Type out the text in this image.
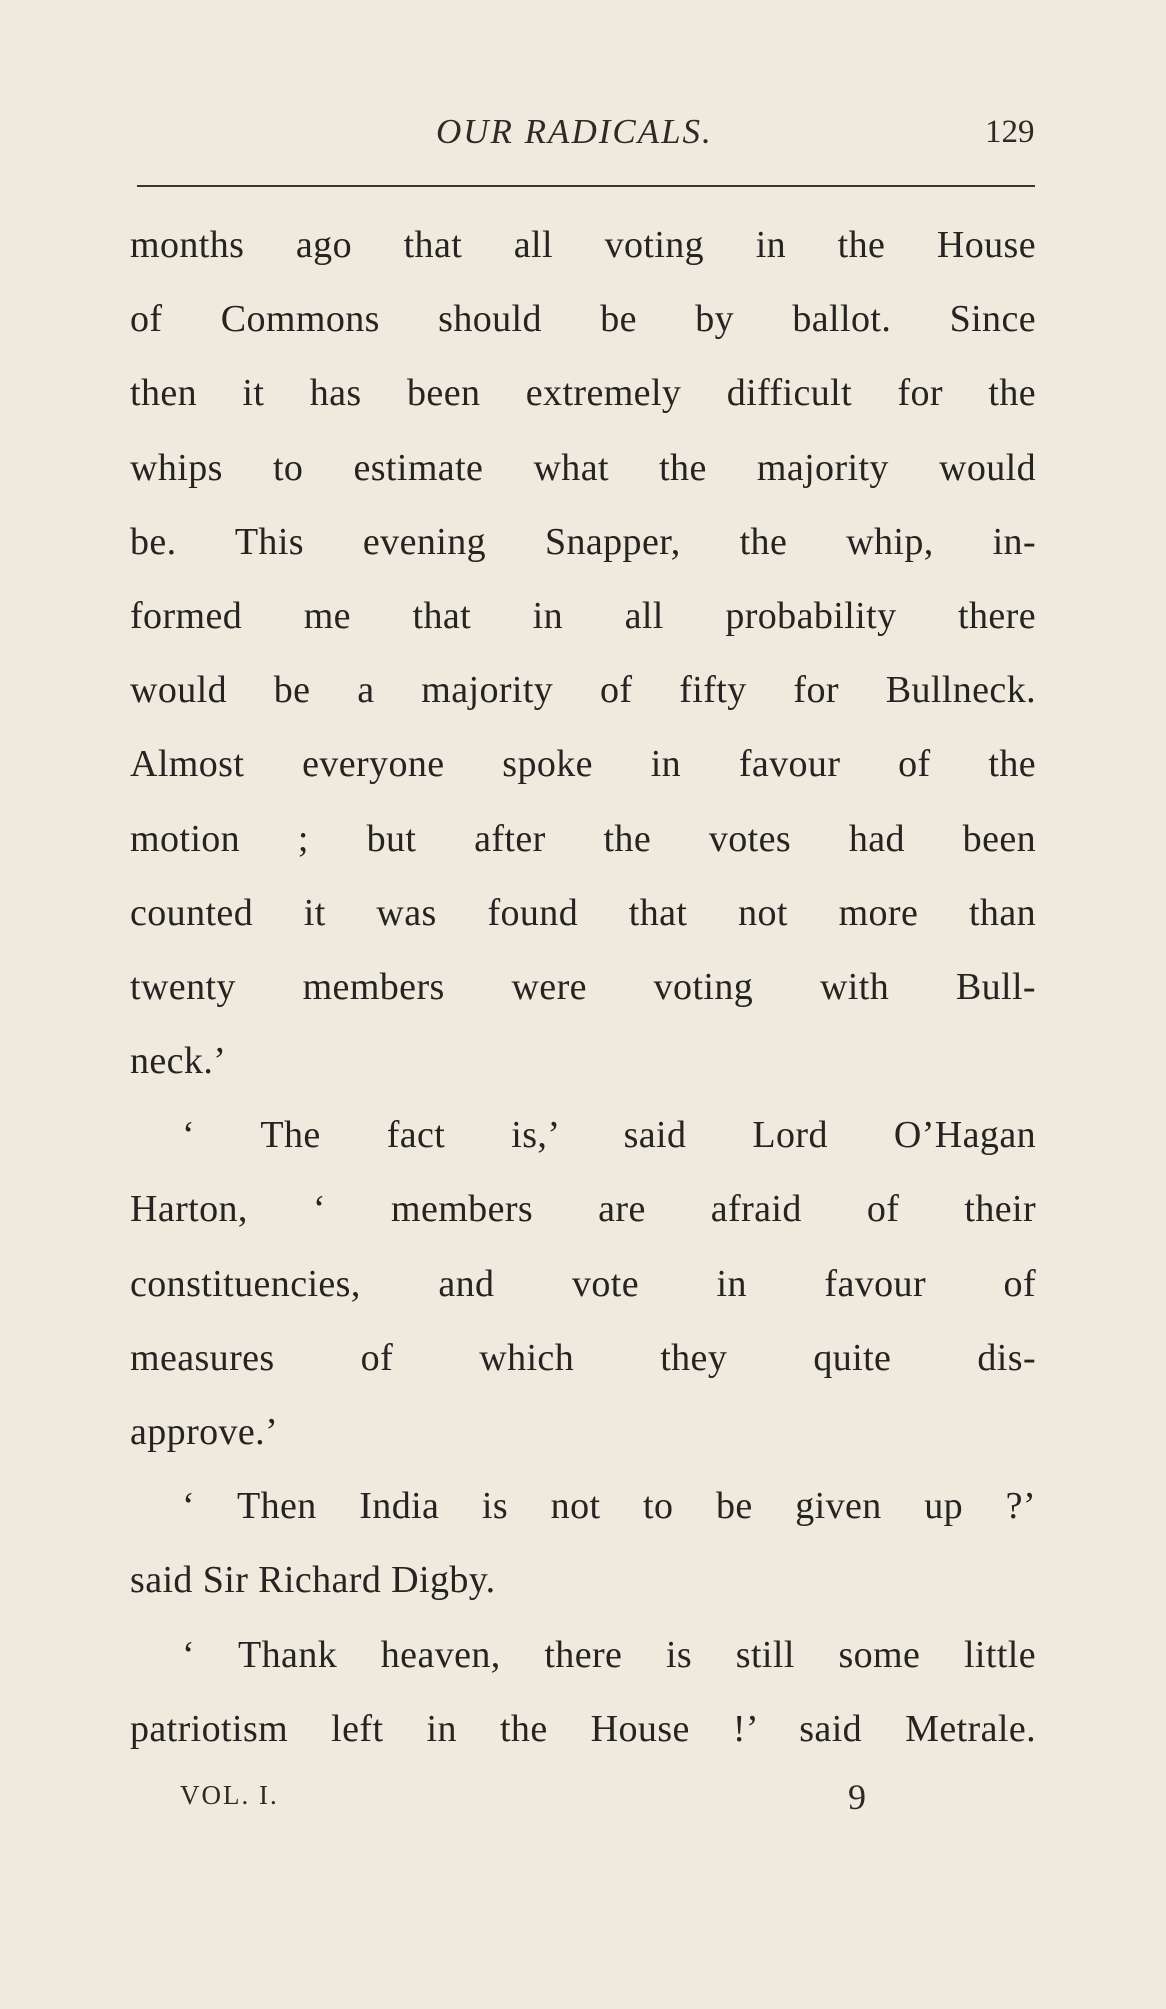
OUR RADICALS.	129
months ago that all voting in the House
of Commons should be by ballot. Since
then it has been extremely difficult for the
whips to estimate what the majority would
be. This evening Snapper, the whip, in-
formed me that in all probability there
would be a majority of fifty for Bullneck.
Almost everyone spoke in favour of the
motion ; but after the votes had been
counted it was found that not more than
twenty members were voting with Bull-
neck.’
‘ The fact is,’ said Lord O’Hagan
Harton, ‘ members are afraid of their
constituencies, and vote in favour of
measures of which they quite dis-
approve.’
‘ Then India is not to be given up ?’
said Sir Richard Digby.
‘ Thank heaven, there is still some little
patriotism left in the House !’ said Metrale.
VOL. I.	9
